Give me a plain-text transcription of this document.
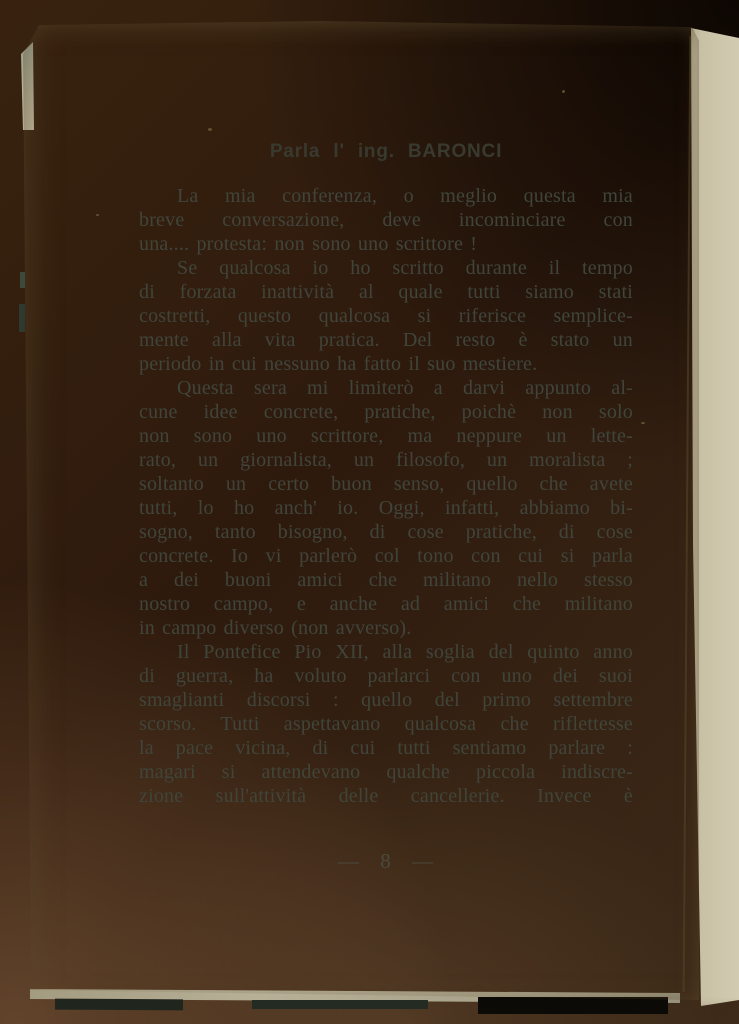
Parla l' ing. BARONCI
La mia conferenza, o meglio questa mia
breve conversazione, deve incominciare con
una.... protesta: non sono uno scrittore !
Se qualcosa io ho scritto durante il tempo
di forzata inattività al quale tutti siamo stati
costretti, questo qualcosa si riferisce semplice-
mente alla vita pratica. Del resto è stato un
periodo in cui nessuno ha fatto il suo mestiere.
Questa sera mi limiterò a darvi appunto al-
cune idee concrete, pratiche, poichè non solo
non sono uno scrittore, ma neppure un lette-
rato, un giornalista, un filosofo, un moralista ;
soltanto un certo buon senso, quello che avete
tutti, lo ho anch' io. Oggi, infatti, abbiamo bi-
sogno, tanto bisogno, di cose pratiche, di cose
concrete. Io vi parlerò col tono con cui si parla
a dei buoni amici che militano nello stesso
nostro campo, e anche ad amici che militano
in campo diverso (non avverso).
Il Pontefice Pio XII, alla soglia del quinto anno
di guerra, ha voluto parlarci con uno dei suoi
smaglianti discorsi : quello del primo settembre
scorso. Tutti aspettavano qualcosa che riflettesse
la pace vicina, di cui tutti sentiamo parlare :
magari si attendevano qualche piccola indiscre-
zione sull'attività delle cancellerie. Invece è
— 8 —
